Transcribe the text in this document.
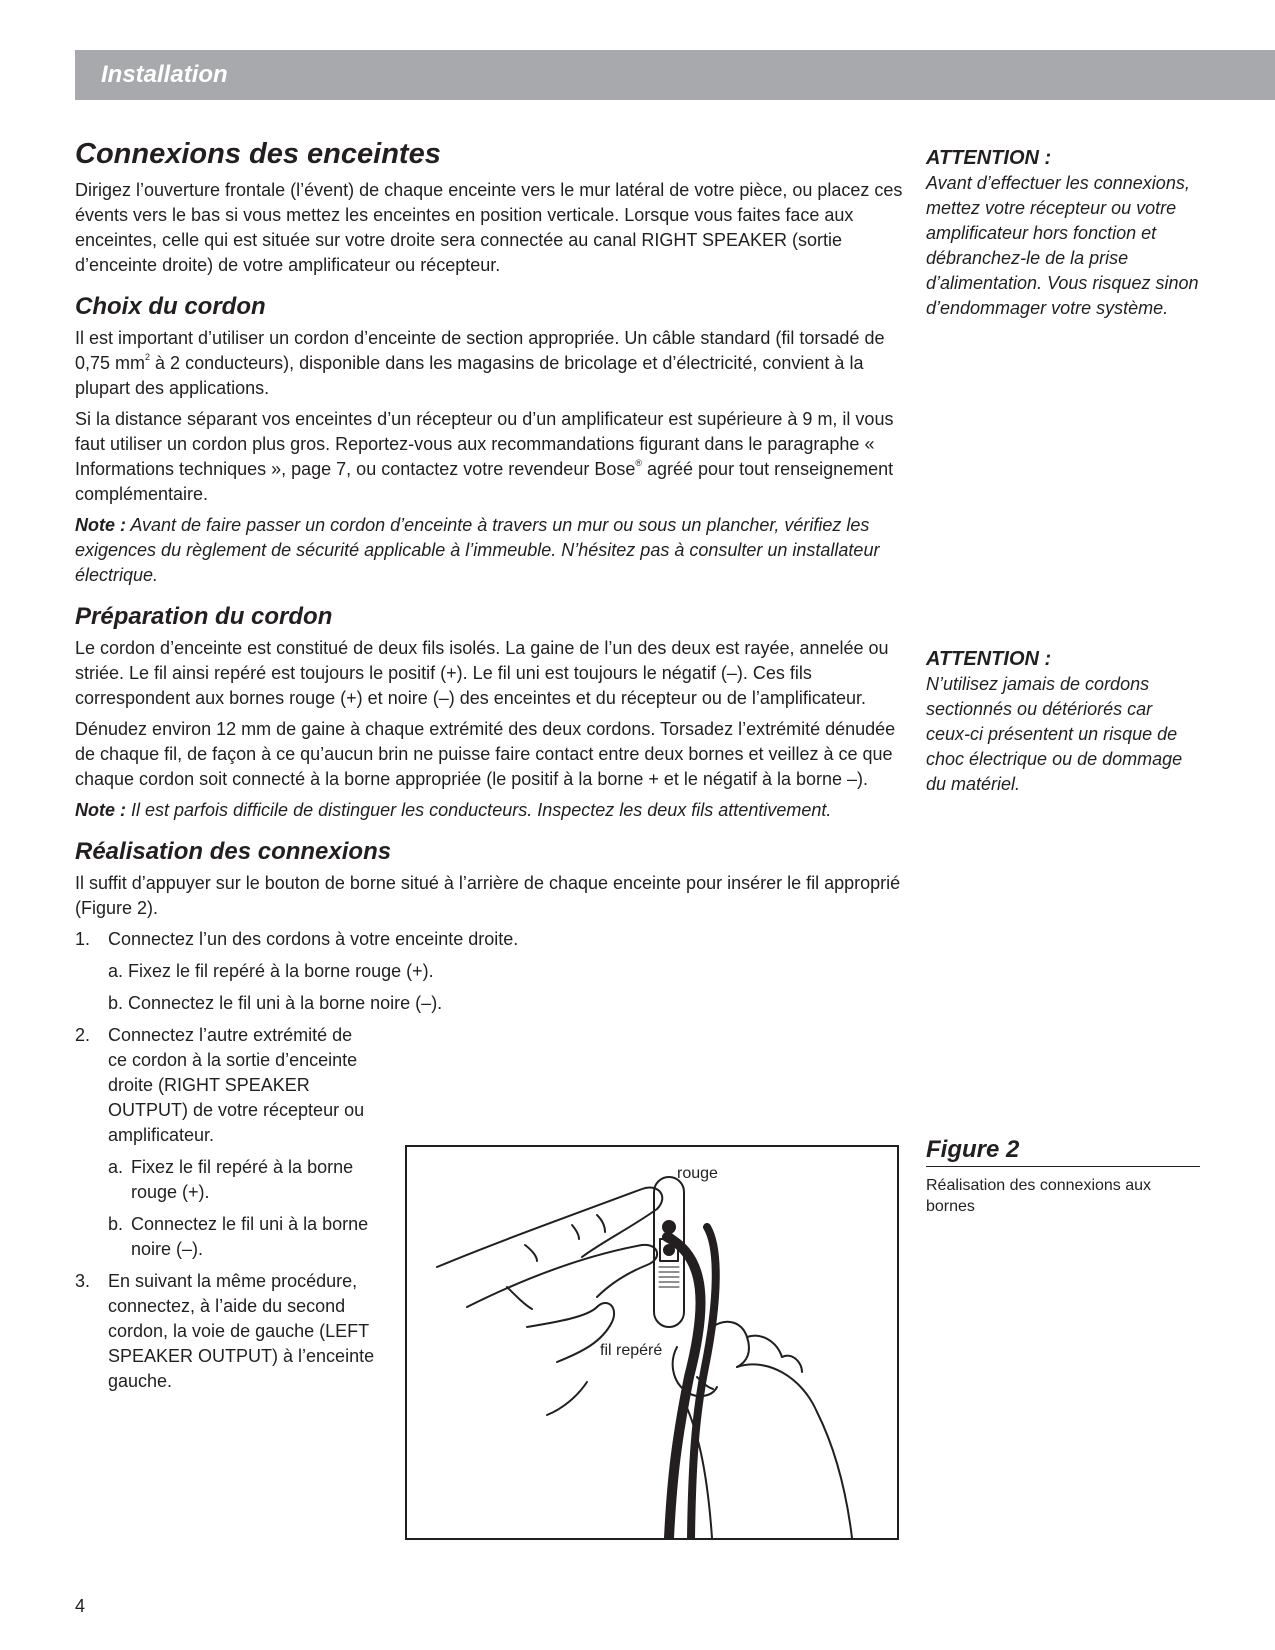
Installation
Connexions des enceintes

Dirigez l’ouverture frontale (l’évent) de chaque enceinte vers le mur latéral de votre pièce, ou placez ces évents vers le bas si vous mettez les enceintes en position verticale. Lorsque vous faites face aux enceintes, celle qui est située sur votre droite sera connectée au canal RIGHT SPEAKER (sortie d’enceinte droite) de votre amplificateur ou récepteur.

Choix du cordon

Il est important d’utiliser un cordon d’enceinte de section appropriée. Un câble standard (fil torsadé de 0,75 $mm^2$ à 2 conducteurs), disponible dans les magasins de bricolage et d’électricité, convient à la plupart des applications.

Si la distance séparant vos enceintes d’un récepteur ou d’un amplificateur est supérieure à 9 m, il vous faut utiliser un cordon plus gros. Reportez-vous aux recommandations figurant dans le paragraphe « Informations techniques », page 7, ou contactez votre revendeur Bose® agréé pour tout renseignement complémentaire.

Note : Avant de faire passer un cordon d’enceinte à travers un mur ou sous un plancher, vérifiez les exigences du règlement de sécurité applicable à l’immeuble. N’hésitez pas à consulter un installateur électrique.

Préparation du cordon

Le cordon d’enceinte est constitué de deux fils isolés. La gaine de l’un des deux est rayée, annelée ou striée. Le fil ainsi repéré est toujours le positif (+). Le fil uni est toujours le négatif (–). Ces fils correspondent aux bornes rouge (+) et noire (–) des enceintes et du récepteur ou de l’amplificateur.

Dénudez environ 12 mm de gaine à chaque extrémité des deux cordons. Torsadez l’extrémité dénudée de chaque fil, de façon à ce qu’aucun brin ne puisse faire contact entre deux bornes et veillez à ce que chaque cordon soit connecté à la borne appropriée (le positif à la borne + et le négatif à la borne –).

Note : Il est parfois difficile de distinguer les conducteurs. Inspectez les deux fils attentivement.

Réalisation des connexions

Il suffit d’appuyer sur le bouton de borne situé à l’arrière de chaque enceinte pour insérer le fil approprié (Figure 2).

1. Connectez l’un des cordons à votre enceinte droite.
a. Fixez le fil repéré à la borne rouge (+).
b. Connectez le fil uni à la borne noire (–).
2. Connectez l’autre extrémité de ce cordon à la sortie d’enceinte droite (RIGHT SPEAKER OUTPUT) de votre récepteur ou amplificateur.
a. Fixez le fil repéré à la borne rouge (+).
b. Connectez le fil uni à la borne noire (–).
3. En suivant la même procédure, connectez, à l’aide du second cordon, la voie de gauche (LEFT SPEAKER OUTPUT) à l’enceinte gauche.
rouge
fil repéré
ATTENTION :
Avant d’effectuer les connexions, mettez votre récepteur ou votre amplificateur hors fonction et débranchez-le de la prise d’alimentation. Vous risquez sinon d’endommager votre système.
ATTENTION :
N’utilisez jamais de cordons sectionnés ou détériorés car ceux-ci présentent un risque de choc électrique ou de dommage du matériel.
Figure 2
Réalisation des connexions aux bornes
4
